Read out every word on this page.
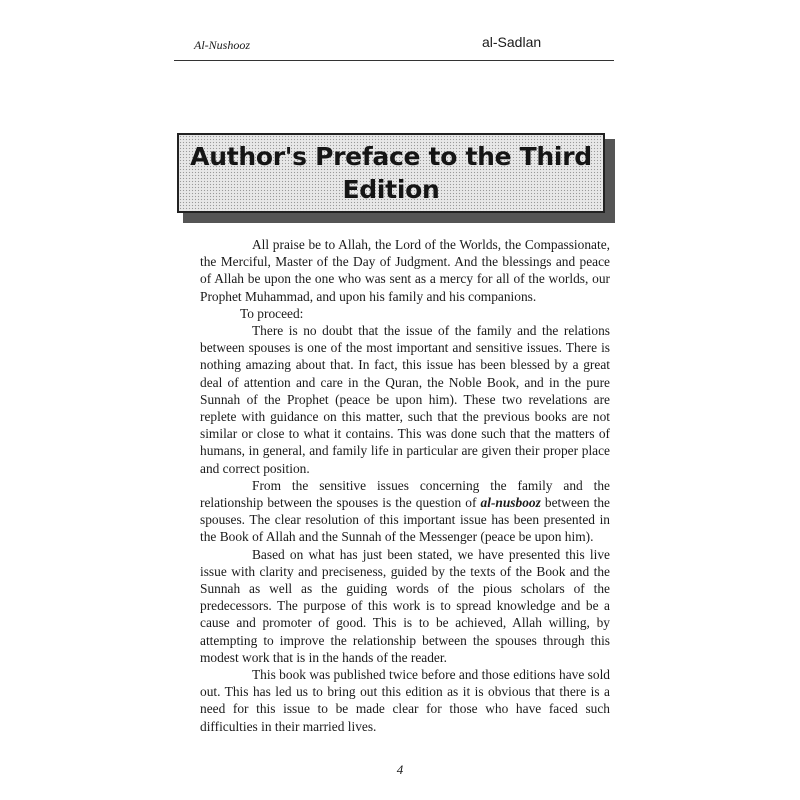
Al-Nushooz	al-Sadlan
Author's Preface to the Third
Edition

All praise be to Allah, the Lord of the Worlds, the Compassionate, the Merciful, Master of the Day of Judgment. And the blessings and peace of Allah be upon the one who was sent as a mercy for all of the worlds, our Prophet Muhammad, and upon his family and his companions.

To proceed:

There is no doubt that the issue of the family and the relations between spouses is one of the most important and sensitive issues. There is nothing amazing about that. In fact, this issue has been blessed by a great deal of attention and care in the Quran, the Noble Book, and in the pure Sunnah of the Prophet (peace be upon him). These two revelations are replete with guidance on this matter, such that the previous books are not similar or close to what it contains. This was done such that the matters of humans, in general, and family life in particular are given their proper place and correct position.

From the sensitive issues concerning the family and the relationship between the spouses is the question of al-nusbooz between the spouses. The clear resolution of this important issue has been presented in the Book of Allah and the Sunnah of the Messenger (peace be upon him).

Based on what has just been stated, we have presented this live issue with clarity and preciseness, guided by the texts of the Book and the Sunnah as well as the guiding words of the pious scholars of the predecessors. The purpose of this work is to spread knowledge and be a cause and promoter of good. This is to be achieved, Allah willing, by attempting to improve the relationship between the spouses through this modest work that is in the hands of the reader.

This book was published twice before and those editions have sold out. This has led us to bring out this edition as it is obvious that there is a need for this issue to be made clear for those who have faced such difficulties in their married lives.

4
